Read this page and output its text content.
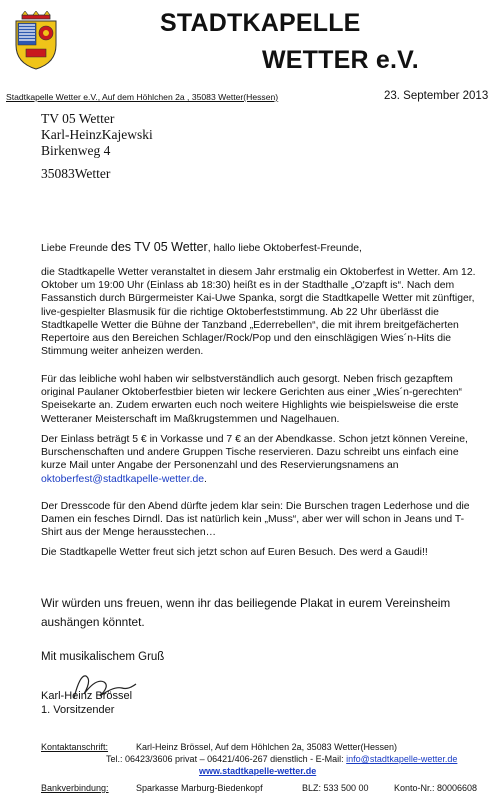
STADTKAPELLE
WETTER e.V.
Stadtkapelle Wetter e.V., Auf dem Höhlchen 2a , 35083 Wetter(Hessen)	23. September 2013
TV 05 Wetter
Karl-HeinzKajewski
Birkenweg 4
35083Wetter
Liebe Freunde des TV 05 Wetter, hallo liebe Oktoberfest-Freunde,

die Stadtkapelle Wetter veranstaltet in diesem Jahr erstmalig ein Oktoberfest in Wetter. Am 12. Oktober um 19:00 Uhr (Einlass ab 18:30) heißt es in der Stadthalle „O'zapft is“. Nach dem Fassanstich durch Bürgermeister Kai-Uwe Spanka, sorgt die Stadtkapelle Wetter mit zünftiger, live-gespielter Blasmusik für die richtige Oktoberfeststimmung. Ab 22 Uhr überlässt die Stadtkapelle Wetter die Bühne der Tanzband „Ederrebellen“, die mit ihrem breitgefächerten Repertoire aus den Bereichen Schlager/Rock/Pop und den einschlägigen Wies´n-Hits die Stimmung weiter anheizen werden.

Für das leibliche wohl haben wir selbstverständlich auch gesorgt. Neben frisch gezapftem original Paulaner Oktoberfestbier bieten wir leckere Gerichten aus einer „Wies´n-gerechten“ Speisekarte an. Zudem erwarten euch noch weitere Highlights wie beispielsweise die erste Wetteraner Meisterschaft im Maßkrugstemmen und Nagelhauen.

Der Einlass beträgt 5 € in Vorkasse und 7 € an der Abendkasse. Schon jetzt können Vereine, Burschenschaften und andere Gruppen Tische reservieren. Dazu schreibt uns einfach eine kurze Mail unter Angabe der Personenzahl und des Reservierungsnamens an oktoberfest@stadtkapelle-wetter.de.

Der Dresscode für den Abend dürfte jedem klar sein: Die Burschen tragen Lederhose und die Damen ein fesches Dirndl. Das ist natürlich kein „Muss“, aber wer will schon in Jeans und T-Shirt aus der Menge herausstechen…

Die Stadtkapelle Wetter freut sich jetzt schon auf Euren Besuch. Des werd a Gaudi!!

Wir würden uns freuen, wenn ihr das beiliegende Plakat in eurem Vereinsheim aushängen könntet.
Mit musikalischem Gruß
Karl-Heinz Brössel
1. Vorsitzender
Kontaktanschrift:	Karl-Heinz Brössel, Auf dem Höhlchen 2a, 35083 Wetter(Hessen)
Tel.: 06423/3606 privat – 06421/406-267 dienstlich - E-Mail: info@stadtkapelle-wetter.de
www.stadtkapelle-wetter.de
Bankverbindung:	Sparkasse Marburg-Biedenkopf	BLZ: 533 500 00	Konto-Nr.: 80006608
